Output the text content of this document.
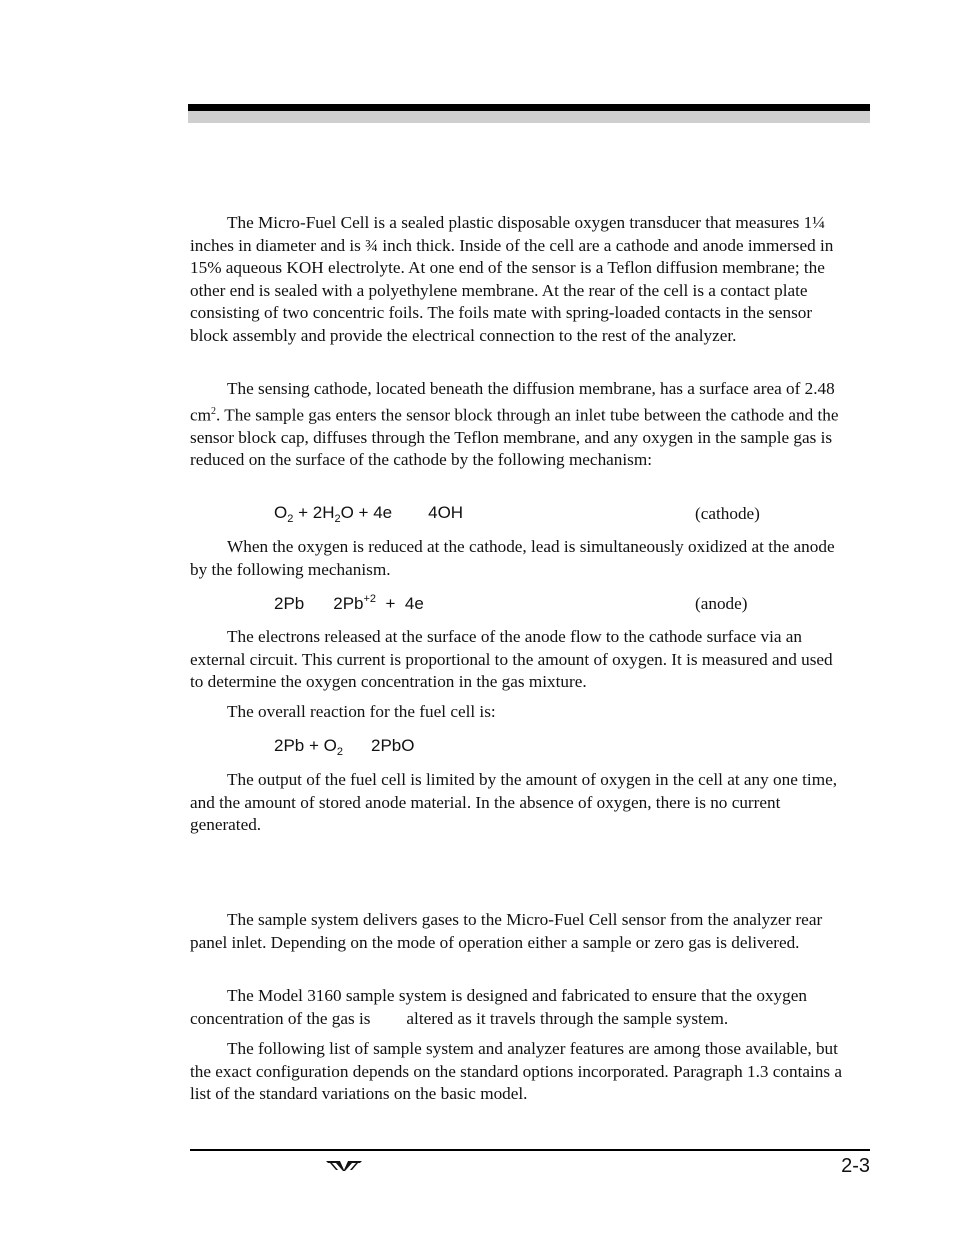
The Micro-Fuel Cell is a sealed plastic disposable oxygen transducer that measures 1¼ inches in diameter and is ¾ inch thick. Inside of the cell are a cathode and anode immersed in 15% aqueous KOH electrolyte. At one end of the sensor is a Teflon diffusion membrane; the other end is sealed with a polyethylene membrane. At the rear of the cell is a contact plate consisting of two concentric foils. The foils mate with spring-loaded contacts in the sensor block assembly and provide the electrical connection to the rest of the analyzer.

The sensing cathode, located beneath the diffusion membrane, has a surface area of 2.48 $cm^2$. The sample gas enters the sensor block through an inlet tube between the cathode and the sensor block cap, diffuses through the Teflon membrane, and any oxygen in the sample gas is reduced on the surface of the cathode by the following mechanism:

$O_2 + 2H_2O + 4e$ 4OH	(cathode)

When the oxygen is reduced at the cathode, lead is simultaneously oxidized at the anode by the following mechanism.

2Pb $2Pb^{+2} + 4e$	(anode)

The electrons released at the surface of the anode flow to the cathode surface via an external circuit. This current is proportional to the amount of oxygen. It is measured and used to determine the oxygen concentration in the gas mixture.

The overall reaction for the fuel cell is:

$2Pb + O_2$ 2PbO

The output of the fuel cell is limited by the amount of oxygen in the cell at any one time, and the amount of stored anode material. In the absence of oxygen, there is no current generated.

The sample system delivers gases to the Micro-Fuel Cell sensor from the analyzer rear panel inlet. Depending on the mode of operation either a sample or zero gas is delivered.

The Model 3160 sample system is designed and fabricated to ensure that the oxygen concentration of the gas is altered as it travels through the sample system.

The following list of sample system and analyzer features are among those available, but the exact configuration depends on the standard options incorporated. Paragraph 1.3 contains a list of the standard variations on the basic model.

2-3
